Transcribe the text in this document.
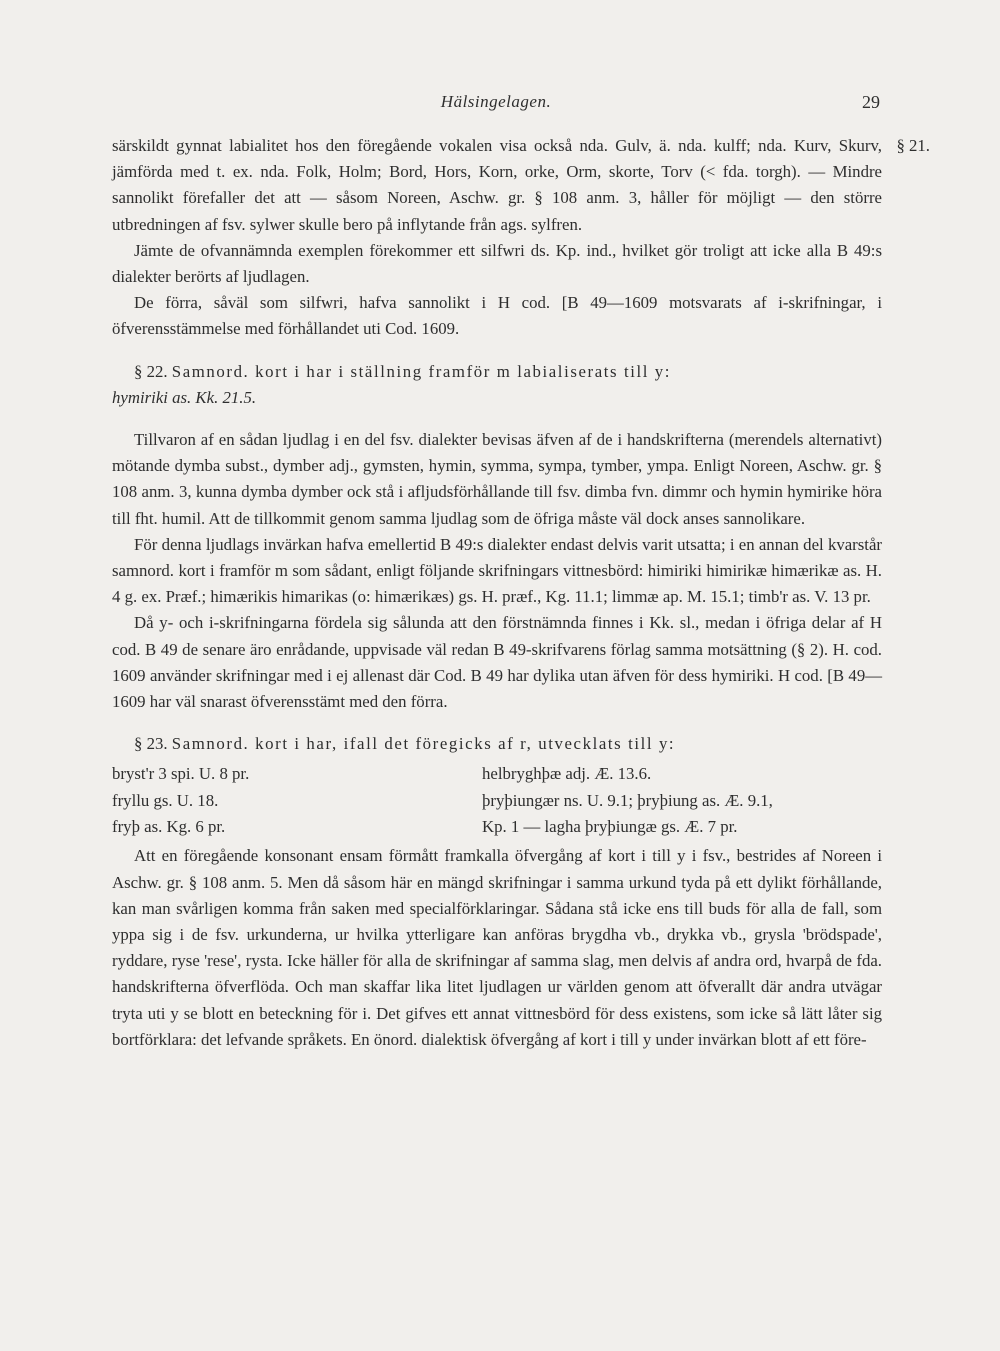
Hälsingelagen.	29
§ 21.

särskildt gynnat labialitet hos den föregående vokalen visa också nda. Gulv, ä. nda. kulff; nda. Kurv, Skurv, jämförda med t. ex. nda. Folk, Holm; Bord, Hors, Korn, orke, Orm, skorte, Torv (< fda. torgh). — Mindre sannolikt förefaller det att — såsom Noreen, Aschw. gr. § 108 anm. 3, håller för möjligt — den större utbredningen af fsv. sylwer skulle bero på inflytande från ags. sylfren.

Jämte de ofvannämnda exemplen förekommer ett silfwri ds. Kp. ind., hvilket gör troligt att icke alla B 49:s dialekter berörts af ljudlagen.

De förra, såväl som silfwri, hafva sannolikt i H cod. [B 49—1609 motsvarats af i-skrifningar, i öfverensstämmelse med förhållandet uti Cod. 1609.

§ 22. Samnord. kort i har i ställning framför m labialiserats till y:

hymiriki as. Kk. 21.5.

Tillvaron af en sådan ljudlag i en del fsv. dialekter bevisas äfven af de i handskrifterna (merendels alternativt) mötande dymba subst., dymber adj., gymsten, hymin, symma, sympa, tymber, ympa. Enligt Noreen, Aschw. gr. § 108 anm. 3, kunna dymba dymber ock stå i afljudsförhållande till fsv. dimba fvn. dimmr och hymin hymirike höra till fht. humil. Att de tillkommit genom samma ljudlag som de öfriga måste väl dock anses sannolikare.

För denna ljudlags invärkan hafva emellertid B 49:s dialekter endast delvis varit utsatta; i en annan del kvarstår samnord. kort i framför m som sådant, enligt följande skrifningars vittnesbörd: himiriki himirikæ himærikæ as. H. 4 g. ex. Præf.; himærikis himarikas (o: himærikæs) gs. H. præf., Kg. 11.1; limmæ ap. M. 15.1; timb'r as. V. 13 pr.

Då y- och i-skrifningarna fördela sig sålunda att den förstnämnda finnes i Kk. sl., medan i öfriga delar af H cod. B 49 de senare äro enrådande, uppvisade väl redan B 49-skrifvarens förlag samma motsättning (§ 2). H. cod. 1609 använder skrifningar med i ej allenast där Cod. B 49 har dylika utan äfven för dess hymiriki. H cod. [B 49—1609 har väl snarast öfverensstämt med den förra.

§ 23. Samnord. kort i har, ifall det föregicks af r, utvecklats till y:

bryst'r 3 spi. U. 8 pr.
fryllu gs. U. 18.
fryþ as. Kg. 6 pr.
helbryghþæ adj. Æ. 13.6.
þryþiungær ns. U. 9.1; þryþiung as. Æ. 9.1,
Kp. 1 — lagha þryþiungæ gs. Æ. 7 pr.

Att en föregående konsonant ensam förmått framkalla öfvergång af kort i till y i fsv., bestrides af Noreen i Aschw. gr. § 108 anm. 5. Men då såsom här en mängd skrifningar i samma urkund tyda på ett dylikt förhållande, kan man svårligen komma från saken med specialförklaringar. Sådana stå icke ens till buds för alla de fall, som yppa sig i de fsv. urkunderna, ur hvilka ytterligare kan anföras brygdha vb., drykka vb., grysla 'brödspade', ryddare, ryse 'rese', rysta. Icke häller för alla de skrifningar af samma slag, men delvis af andra ord, hvarpå de fda. handskrifterna öfverflöda. Och man skaffar lika litet ljudlagen ur världen genom att öfverallt där andra utvägar tryta uti y se blott en beteckning för i. Det gifves ett annat vittnesbörd för dess existens, som icke så lätt låter sig bortförklara: det lefvande språkets. En önord. dialektisk öfvergång af kort i till y under invärkan blott af ett före-
